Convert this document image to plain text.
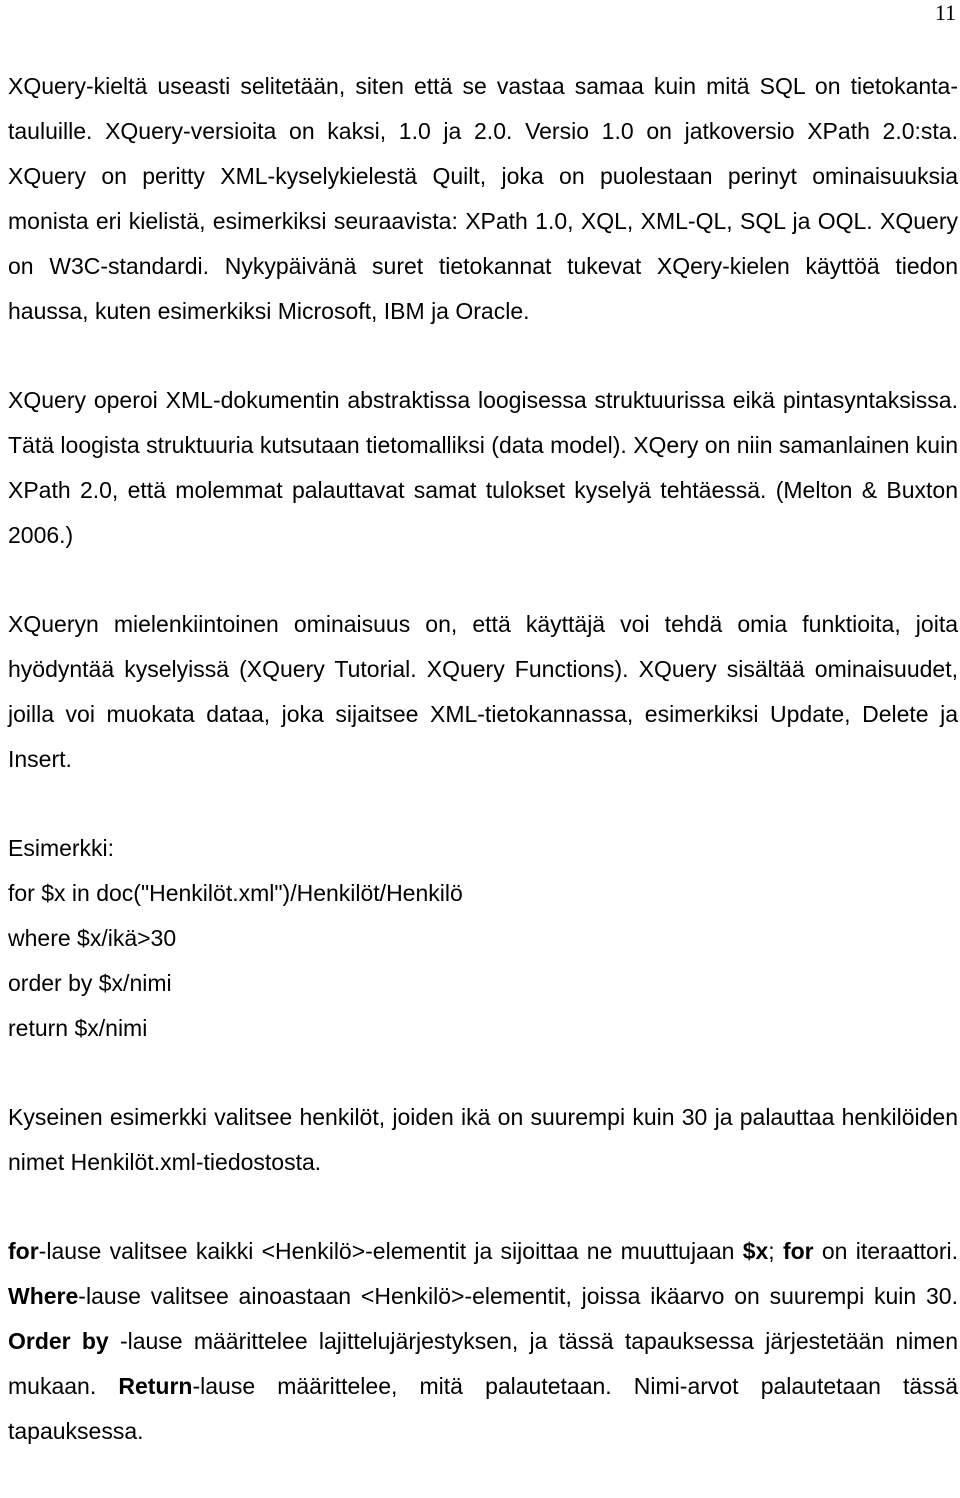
11

XQuery-kieltä useasti selitetään, siten että se vastaa samaa kuin mitä SQL on tietokanta-tauluille. XQuery-versioita on kaksi, 1.0 ja 2.0. Versio 1.0 on jatkoversio XPath 2.0:sta. XQuery on peritty XML-kyselykielestä Quilt, joka on puolestaan perinyt ominaisuuksia monista eri kielistä, esimerkiksi seuraavista: XPath 1.0, XQL, XML-QL, SQL ja OQL. XQuery on W3C-standardi. Nykypäivänä suret tietokannat tukevat XQery-kielen käyttöä tiedon haussa, kuten esimerkiksi Microsoft, IBM ja Oracle.

XQuery operoi XML-dokumentin abstraktissa loogisessa struktuurissa eikä pintasyntaksissa. Tätä loogista struktuuria kutsutaan tietomalliksi (data model). XQery on niin samanlainen kuin XPath 2.0, että molemmat palauttavat samat tulokset kyselyä tehtäessä. (Melton & Buxton 2006.)

XQueryn mielenkiintoinen ominaisuus on, että käyttäjä voi tehdä omia funktioita, joita hyödyntää kyselyissä (XQuery Tutorial. XQuery Functions). XQuery sisältää ominaisuudet, joilla voi muokata dataa, joka sijaitsee XML-tietokannassa, esimerkiksi Update, Delete ja Insert.

Esimerkki:

for $x in doc("Henkilöt.xml")/Henkilöt/Henkilö

where $x/ikä>30

order by $x/nimi

return $x/nimi

Kyseinen esimerkki valitsee henkilöt, joiden ikä on suurempi kuin 30 ja palauttaa henkilöiden nimet Henkilöt.xml-tiedostosta.

for-lause valitsee kaikki <Henkilö>-elementit ja sijoittaa ne muuttujaan $x; for on iteraattori. Where-lause valitsee ainoastaan <Henkilö>-elementit, joissa ikäarvo on suurempi kuin 30. Order by -lause määrittelee lajittelujärjestyksen, ja tässä tapauksessa järjestetään nimen mukaan. Return-lause määrittelee, mitä palautetaan. Nimi-arvot palautetaan tässä tapauksessa.
